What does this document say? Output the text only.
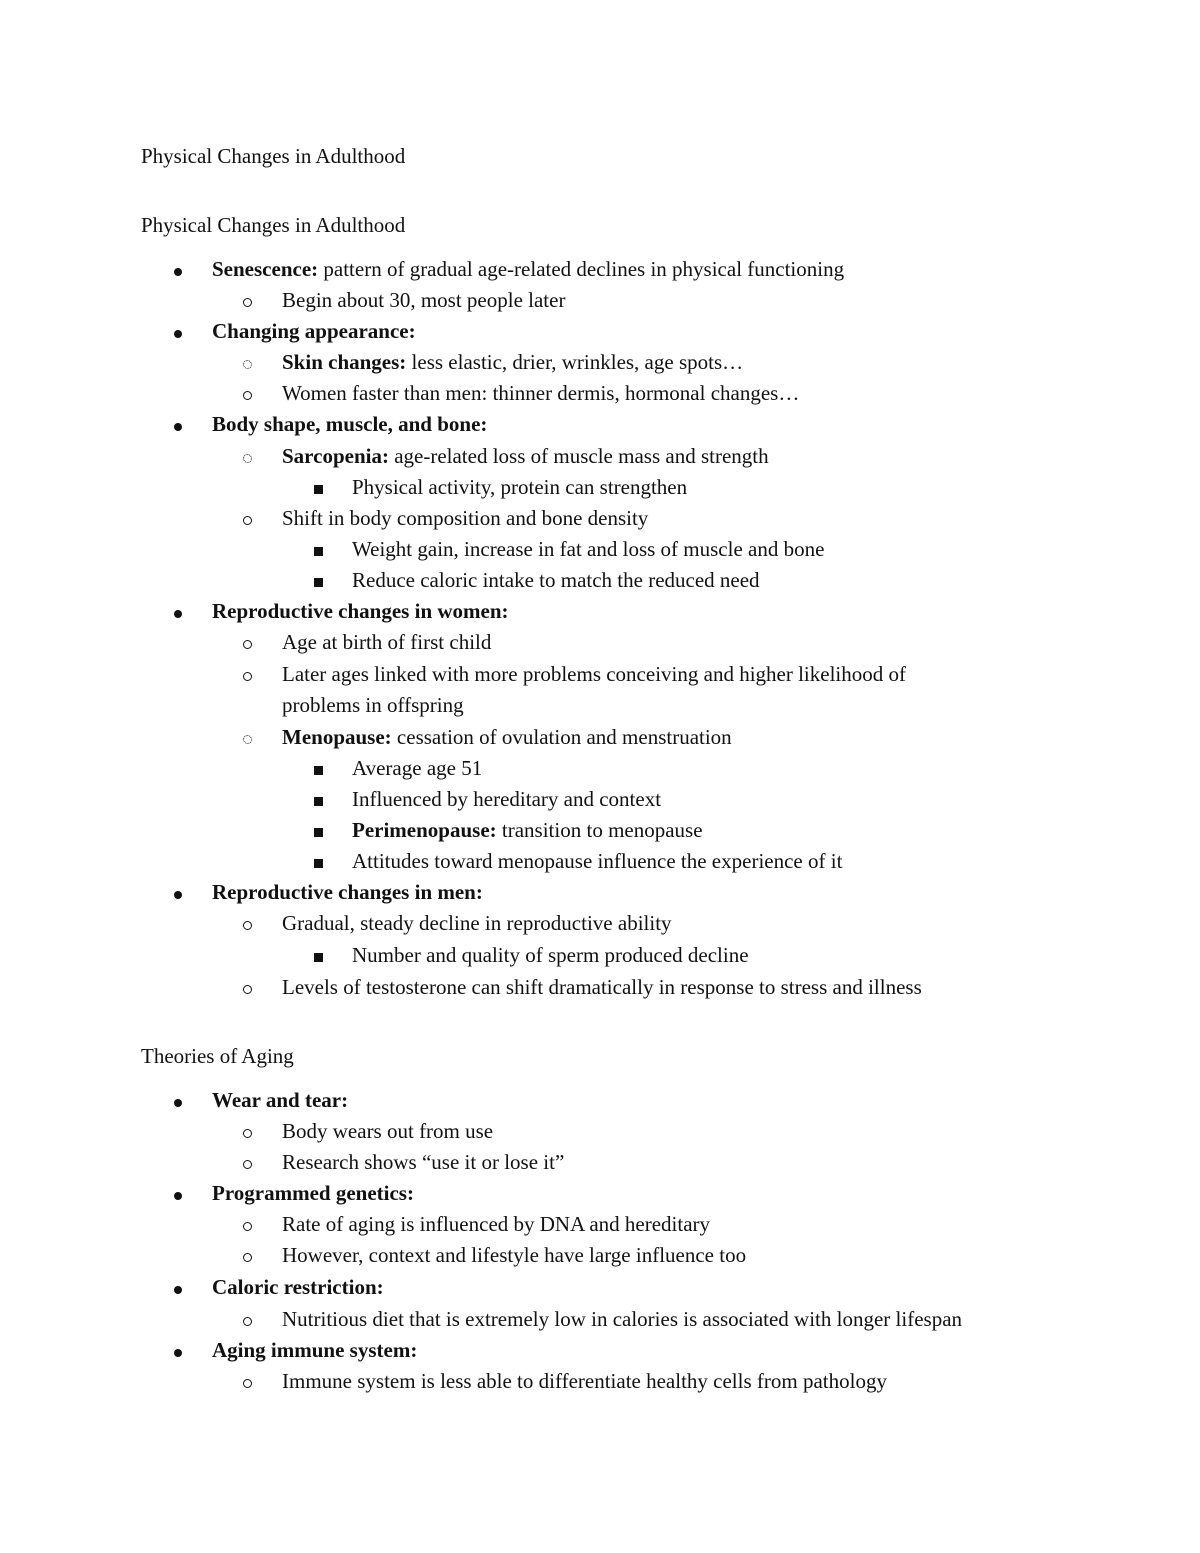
Physical Changes in Adulthood
Physical Changes in Adulthood
Senescence: pattern of gradual age-related declines in physical functioning
Begin about 30, most people later
Changing appearance:
Skin changes: less elastic, drier, wrinkles, age spots…
Women faster than men: thinner dermis, hormonal changes…
Body shape, muscle, and bone:
Sarcopenia: age-related loss of muscle mass and strength
Physical activity, protein can strengthen
Shift in body composition and bone density
Weight gain, increase in fat and loss of muscle and bone
Reduce caloric intake to match the reduced need
Reproductive changes in women:
Age at birth of first child
Later ages linked with more problems conceiving and higher likelihood of
problems in offspring
Menopause: cessation of ovulation and menstruation
Average age 51
Influenced by hereditary and context
Perimenopause: transition to menopause
Attitudes toward menopause influence the experience of it
Reproductive changes in men:
Gradual, steady decline in reproductive ability
Number and quality of sperm produced decline
Levels of testosterone can shift dramatically in response to stress and illness
Theories of Aging
Wear and tear:
Body wears out from use
Research shows “use it or lose it”
Programmed genetics:
Rate of aging is influenced by DNA and hereditary
However, context and lifestyle have large influence too
Caloric restriction:
Nutritious diet that is extremely low in calories is associated with longer lifespan
Aging immune system:
Immune system is less able to differentiate healthy cells from pathology
